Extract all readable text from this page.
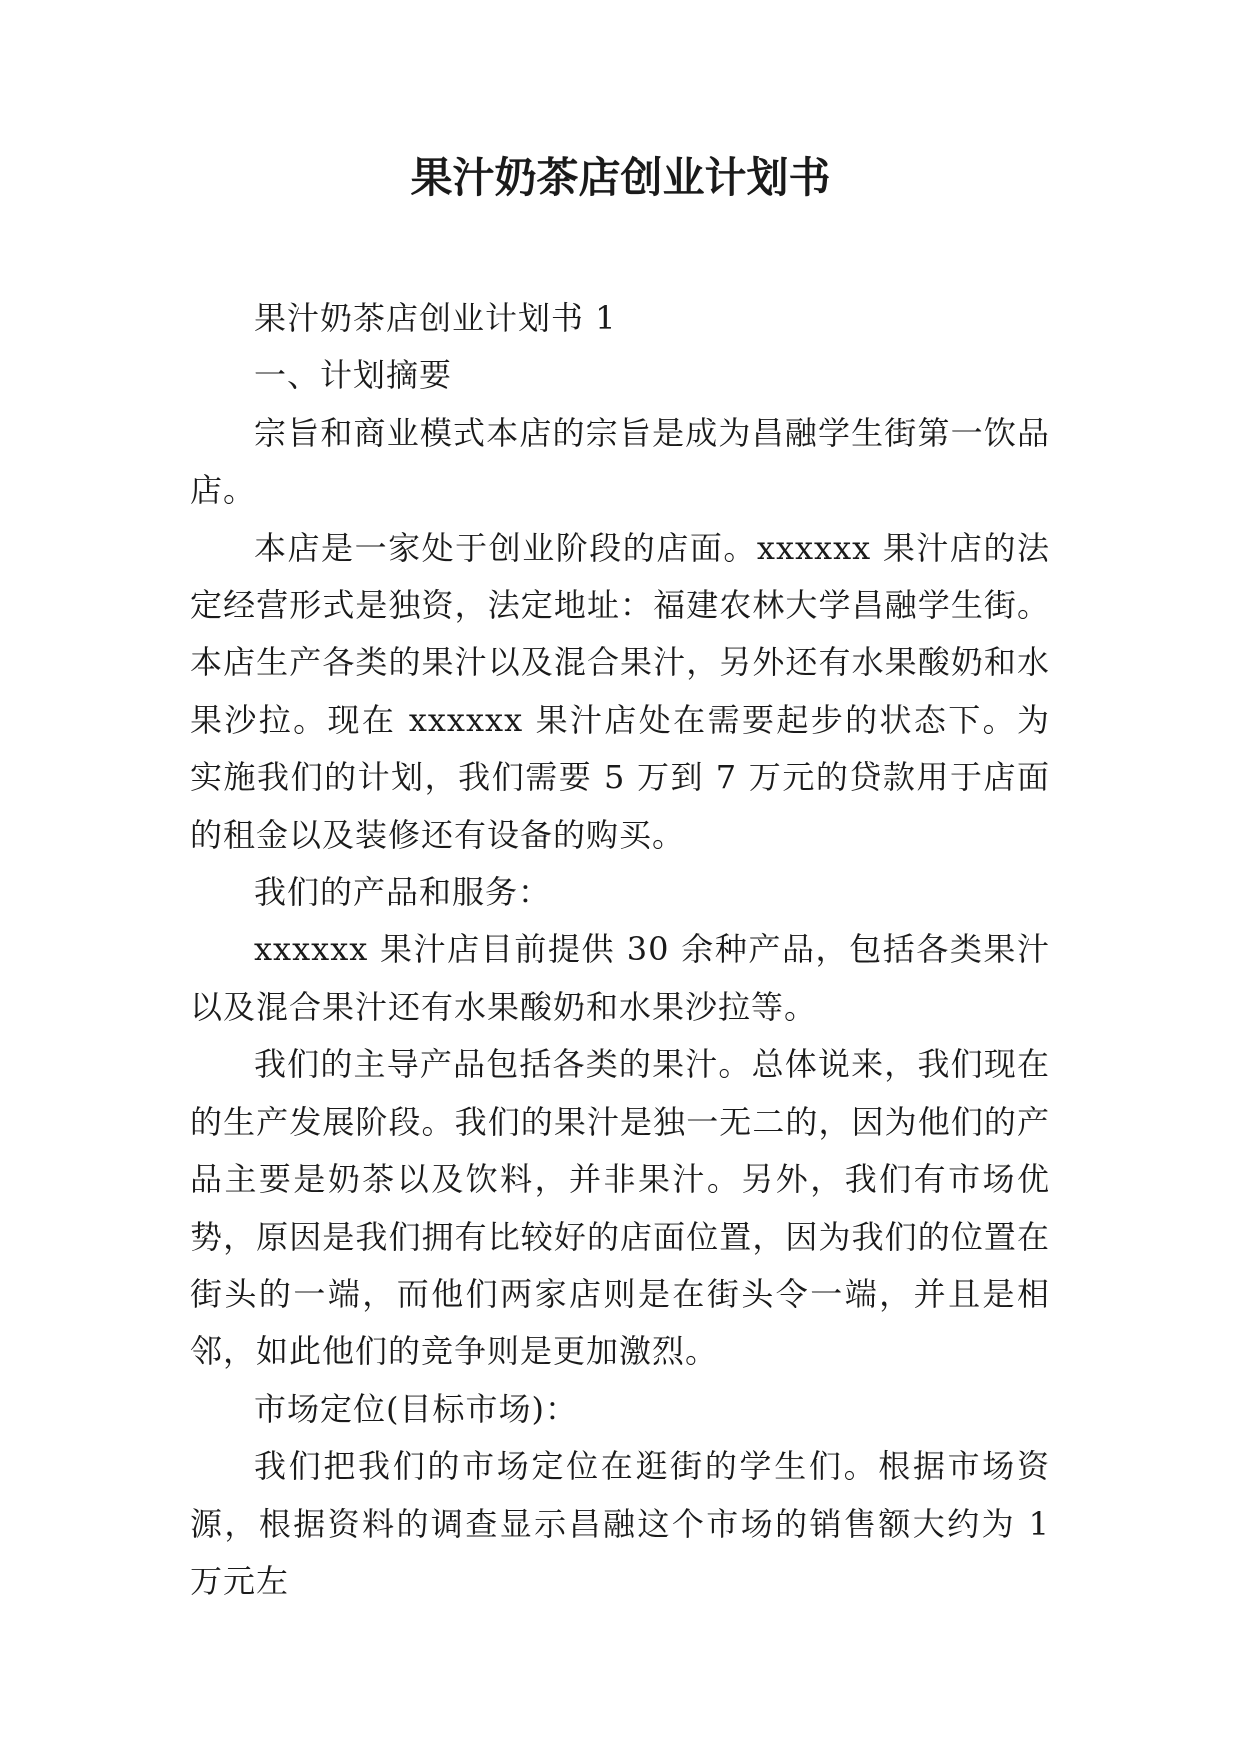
果汁奶茶店创业计划书

果汁奶茶店创业计划书 1

一、计划摘要

宗旨和商业模式本店的宗旨是成为昌融学生街第一饮品店。

本店是一家处于创业阶段的店面。xxxxxx 果汁店的法定经营形式是独资，法定地址：福建农林大学昌融学生街。本店生产各类的果汁以及混合果汁，另外还有水果酸奶和水果沙拉。现在 xxxxxx 果汁店处在需要起步的状态下。为实施我们的计划，我们需要 5 万到 7 万元的贷款用于店面的租金以及装修还有设备的购买。

我们的产品和服务：

xxxxxx 果汁店目前提供 30 余种产品，包括各类果汁以及混合果汁还有水果酸奶和水果沙拉等。

我们的主导产品包括各类的果汁。总体说来，我们现在的生产发展阶段。我们的果汁是独一无二的，因为他们的产品主要是奶茶以及饮料，并非果汁。另外，我们有市场优势，原因是我们拥有比较好的店面位置，因为我们的位置在街头的一端，而他们两家店则是在街头令一端，并且是相邻，如此他们的竞争则是更加激烈。

市场定位(目标市场)：

我们把我们的市场定位在逛街的学生们。根据市场资源，根据资料的调查显示昌融这个市场的销售额大约为 1 万元左
